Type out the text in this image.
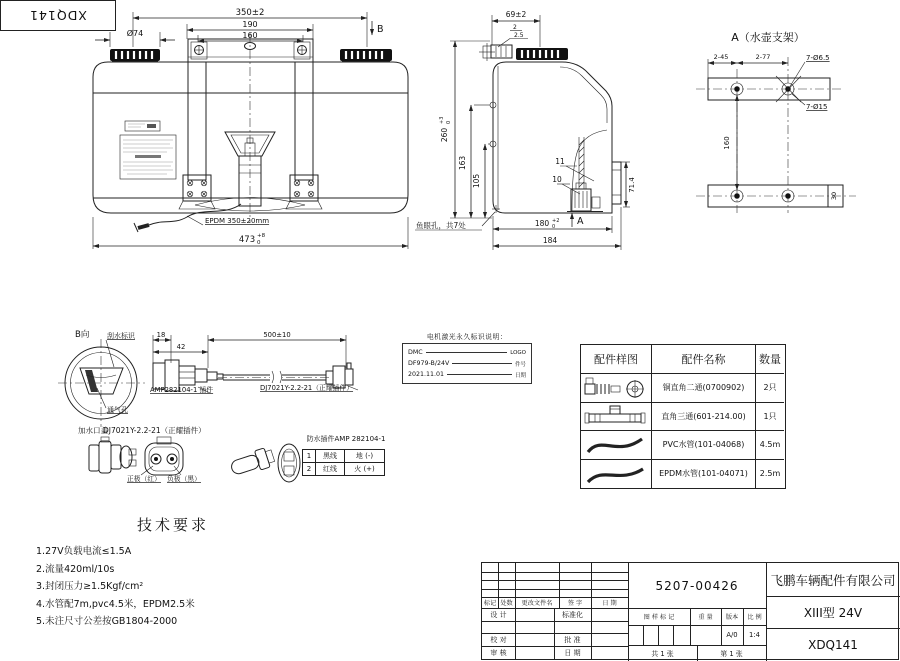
XDQ141	350±2
190
160
Ø74	B
EPDM 350±20mm
473 +8
0
69±2
2
2.5
260
+3 0
163
105
11
10	71.4
180 +2
0 A
184
鱼眼孔，共7处
A（水壶支架）
2-45	2-77	7-Ø6.5
7-Ø15
160
30
B向	刮水标识
通气孔
加水口盖
18
42
500±10
AMP282104-1 插件	DJ7021Y-2.2-21（正耀插件）
电机激光永久标识说明：
DMC	LOGO
DF979-B/24V	件号
2021.11.01	日期
DJ7021Y-2.2-21（正耀插件）
正极（红） 负极（黑）
防水插件AMP 282104-1
1	黑线	地 (-)
2	红线	火 (+)
配件样图	配件名称	数量
铜直角二通(0700902)	2只
直角三通(601-214.00)	1只
PVC水管(101-04068)	4.5m
EPDM水管(101-04071)	2.5m
技术要求

1.27V负载电流≤1.5A

2.流量420ml/10s

3.封闭压力≥1.5Kgf/cm²

4.水管配7m,pvc4.5米，EPDM2.5米

5.未注尺寸公差按GB1804-2000

标记 处数	更改文件名	签 字	日 期
设 计	标准化
校 对	批 准
审 核	日 期
5207-00426
图 样 标 记	重 量	版本	比 例
A/0	1:4
共 1 张	第 1 张
飞鹏车辆配件有限公司
XIII型 24V
XDQ141
